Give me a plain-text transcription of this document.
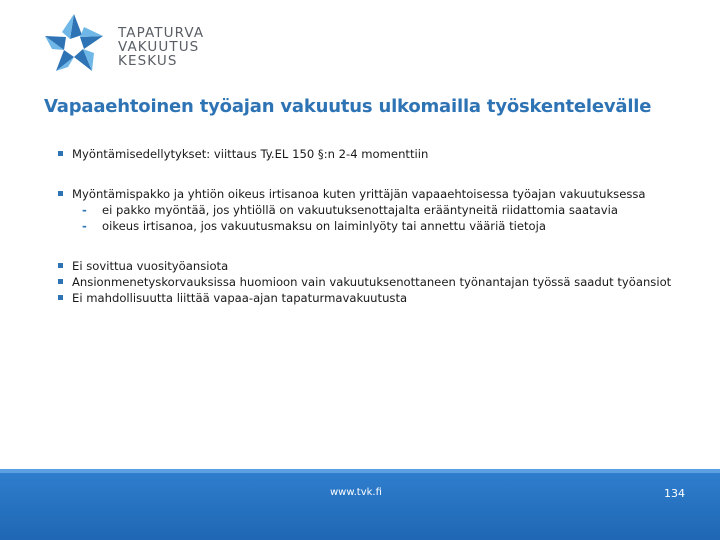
TAPATURVA
VAKUUTUS
KESKUS
Vapaaehtoinen työajan vakuutus ulkomailla työskentelevälle
Myöntämisedellytykset: viittaus Ty.EL 150 §:n 2-4 momenttiin
Myöntämispakko ja yhtiön oikeus irtisanoa kuten yrittäjän vapaaehtoisessa työajan vakuutuksessa
- ei pakko myöntää, jos yhtiöllä on vakuutuksenottajalta erääntyneitä riidattomia saatavia
- oikeus irtisanoa, jos vakuutusmaksu on laiminlyöty tai annettu vääriä tietoja
Ei sovittua vuosityöansiota
Ansionmenetyskorvauksissa huomioon vain vakuutuksenottaneen työnantajan työssä saadut työansiot
Ei mahdollisuutta liittää vapaa-ajan tapaturmavakuutusta
www.tvk.fi	134
